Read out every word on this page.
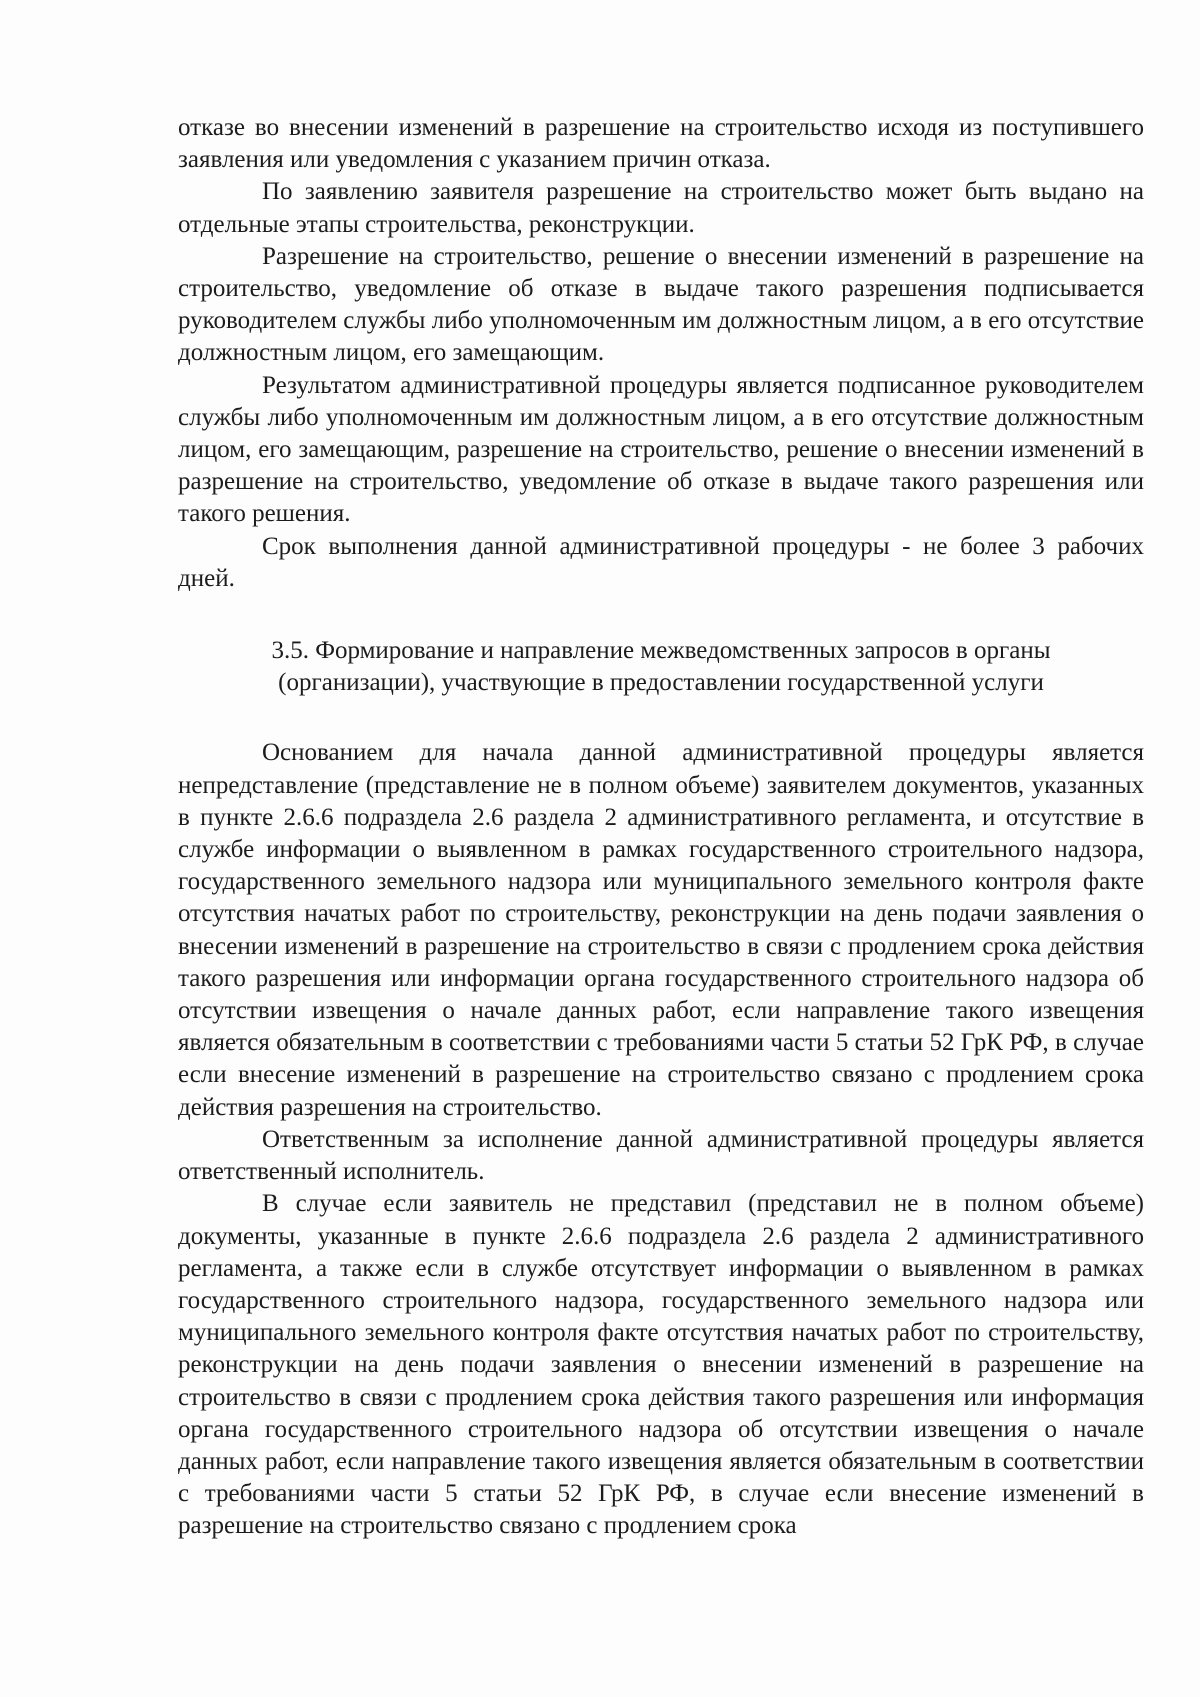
отказе во внесении изменений в разрешение на строительство исходя из поступившего заявления или уведомления с указанием причин отказа.

По заявлению заявителя разрешение на строительство может быть выдано на отдельные этапы строительства, реконструкции.

Разрешение на строительство, решение о внесении изменений в разрешение на строительство, уведомление об отказе в выдаче такого разрешения подписывается руководителем службы либо уполномоченным им должностным лицом, а в его отсутствие должностным лицом, его замещающим.

Результатом административной процедуры является подписанное руководителем службы либо уполномоченным им должностным лицом, а в его отсутствие должностным лицом, его замещающим, разрешение на строительство, решение о внесении изменений в разрешение на строительство, уведомление об отказе в выдаче такого разрешения или такого решения.

Срок выполнения данной административной процедуры - не более 3 рабочих дней.

3.5. Формирование и направление межведомственных запросов в органы
(организации), участвующие в предоставлении государственной услуги

Основанием для начала данной административной процедуры является непредставление (представление не в полном объеме) заявителем документов, указанных в пункте 2.6.6 подраздела 2.6 раздела 2 административного регламента, и отсутствие в службе информации о выявленном в рамках государственного строительного надзора, государственного земельного надзора или муниципального земельного контроля факте отсутствия начатых работ по строительству, реконструкции на день подачи заявления о внесении изменений в разрешение на строительство в связи с продлением срока действия такого разрешения или информации органа государственного строительного надзора об отсутствии извещения о начале данных работ, если направление такого извещения является обязательным в соответствии с требованиями части 5 статьи 52 ГрК РФ, в случае если внесение изменений в разрешение на строительство связано с продлением срока действия разрешения на строительство.

Ответственным за исполнение данной административной процедуры является ответственный исполнитель.

В случае если заявитель не представил (представил не в полном объеме) документы, указанные в пункте 2.6.6 подраздела 2.6 раздела 2 административного регламента, а также если в службе отсутствует информации о выявленном в рамках государственного строительного надзора, государственного земельного надзора или муниципального земельного контроля факте отсутствия начатых работ по строительству, реконструкции на день подачи заявления о внесении изменений в разрешение на строительство в связи с продлением срока действия такого разрешения или информация органа государственного строительного надзора об отсутствии извещения о начале данных работ, если направление такого извещения является обязательным в соответствии с требованиями части 5 статьи 52 ГрК РФ, в случае если внесение изменений в разрешение на строительство связано с продлением срока
